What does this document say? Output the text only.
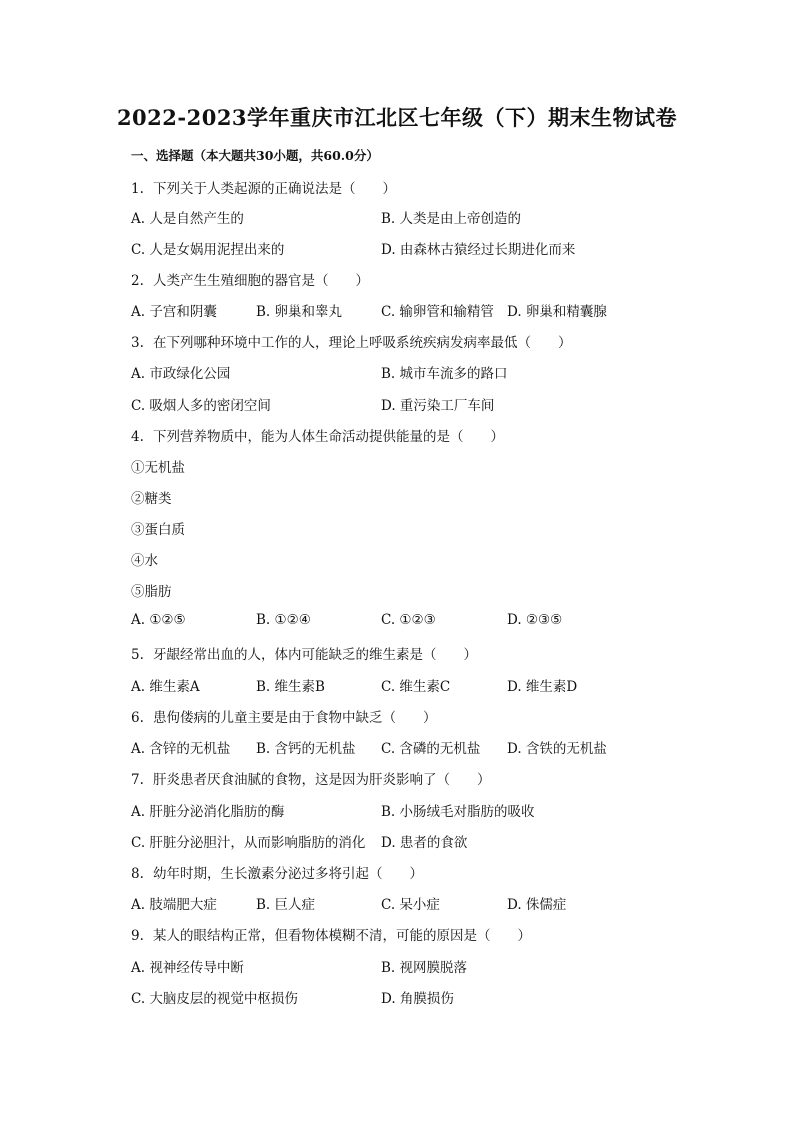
2022-2023学年重庆市江北区七年级（下）期末生物试卷
一、选择题（本大题共30小题，共60.0分）
1. 下列关于人类起源的正确说法是（　　）
A. 人是自然产生的	B. 人类是由上帝创造的
C. 人是女娲用泥捏出来的	D. 由森林古猿经过长期进化而来
2. 人类产生生殖细胞的器官是（　　）
A. 子宫和阴囊	B. 卵巢和睾丸	C. 输卵管和输精管 D. 卵巢和精囊腺
3. 在下列哪种环境中工作的人，理论上呼吸系统疾病发病率最低（　　）
A. 市政绿化公园	B. 城市车流多的路口
C. 吸烟人多的密闭空间	D. 重污染工厂车间
4. 下列营养物质中，能为人体生命活动提供能量的是（　　）
①无机盐
②糖类
③蛋白质
④水
⑤脂肪
A. ①②⑤	B. ①②④	C. ①②③	D. ②③⑤
5. 牙龈经常出血的人，体内可能缺乏的维生素是（　　）
A. 维生素A	B. 维生素B	C. 维生素C	D. 维生素D
6. 患佝偻病的儿童主要是由于食物中缺乏（　　）
A. 含锌的无机盐 B. 含钙的无机盐 C. 含磷的无机盐 D. 含铁的无机盐
7. 肝炎患者厌食油腻的食物，这是因为肝炎影响了（　　）
A. 肝脏分泌消化脂肪的酶	B. 小肠绒毛对脂肪的吸收
C. 肝脏分泌胆汁，从而影响脂肪的消化 D. 患者的食欲
8. 幼年时期，生长激素分泌过多将引起（　　）
A. 肢端肥大症	B. 巨人症	C. 呆小症	D. 侏儒症
9. 某人的眼结构正常，但看物体模糊不清，可能的原因是（　　）
A. 视神经传导中断	B. 视网膜脱落
C. 大脑皮层的视觉中枢损伤	D. 角膜损伤
